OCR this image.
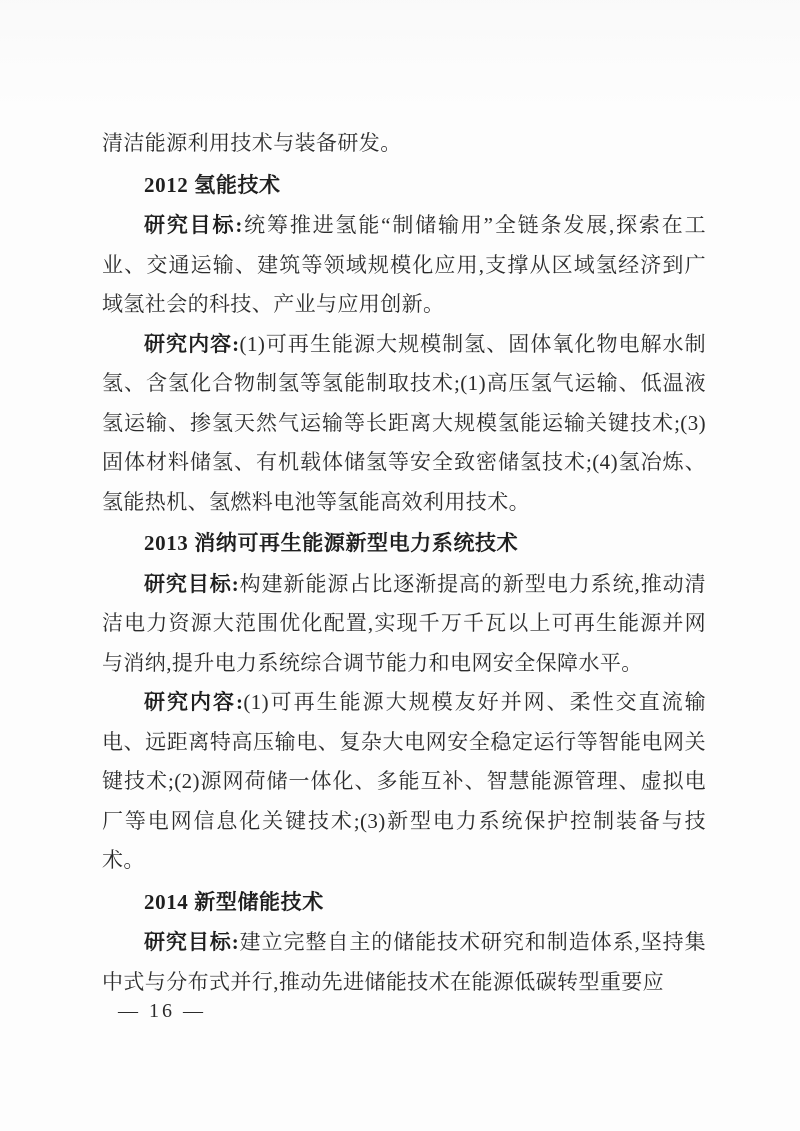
清洁能源利用技术与装备研发。

2012 氢能技术

研究目标:统筹推进氢能“制储输用”全链条发展,探索在工业、交通运输、建筑等领域规模化应用,支撑从区域氢经济到广域氢社会的科技、产业与应用创新。

研究内容:(1)可再生能源大规模制氢、固体氧化物电解水制氢、含氢化合物制氢等氢能制取技术;(1)高压氢气运输、低温液氢运输、掺氢天然气运输等长距离大规模氢能运输关键技术;(3)固体材料储氢、有机载体储氢等安全致密储氢技术;(4)氢冶炼、氢能热机、氢燃料电池等氢能高效利用技术。

2013 消纳可再生能源新型电力系统技术

研究目标:构建新能源占比逐渐提高的新型电力系统,推动清洁电力资源大范围优化配置,实现千万千瓦以上可再生能源并网与消纳,提升电力系统综合调节能力和电网安全保障水平。

研究内容:(1)可再生能源大规模友好并网、柔性交直流输电、远距离特高压输电、复杂大电网安全稳定运行等智能电网关键技术;(2)源网荷储一体化、多能互补、智慧能源管理、虚拟电厂等电网信息化关键技术;(3)新型电力系统保护控制装备与技术。

2014 新型储能技术

研究目标:建立完整自主的储能技术研究和制造体系,坚持集中式与分布式并行,推动先进储能技术在能源低碳转型重要应

— 16 —
